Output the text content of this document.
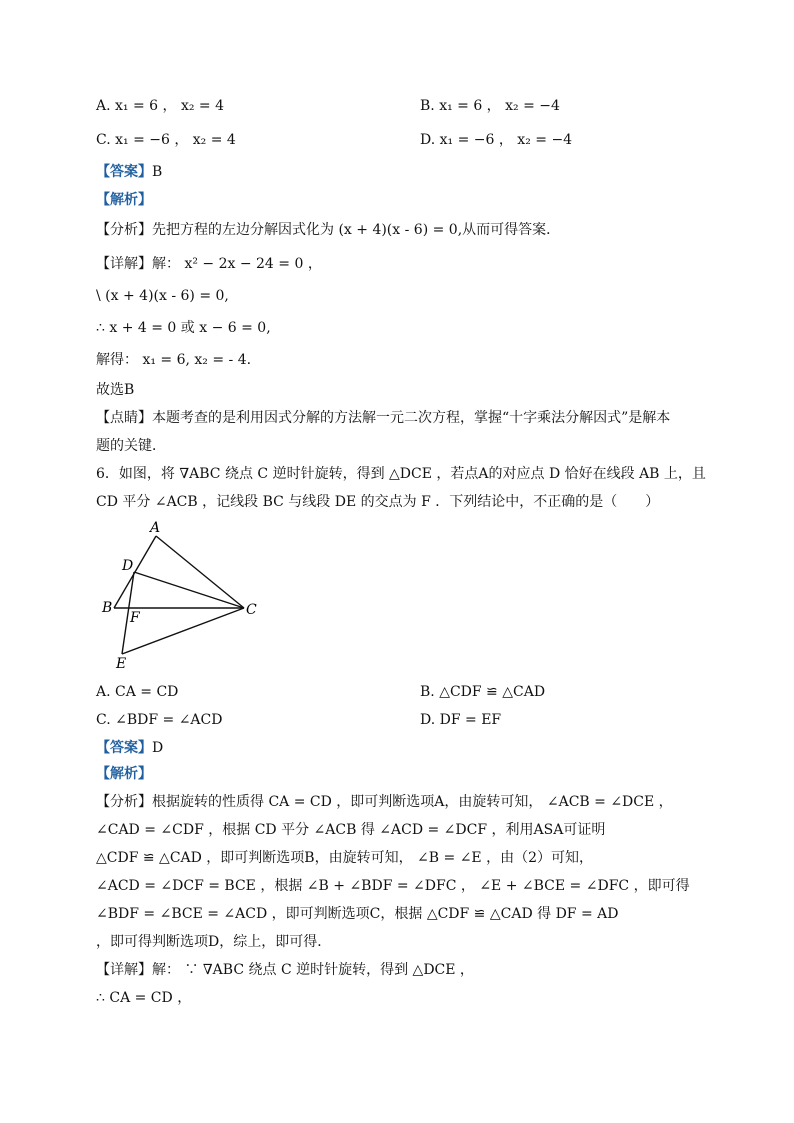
A. x₁ = 6 ， x₂ = 4	B. x₁ = 6 ， x₂ = −4
C. x₁ = −6 ， x₂ = 4	D. x₁ = −6 ， x₂ = −4
【答案】B
【解析】
【分析】先把方程的左边分解因式化为 (x + 4)(x - 6) = 0,从而可得答案．
【详解】解： x² − 2x − 24 = 0 ，
\ (x + 4)(x - 6) = 0,
∴ x + 4 = 0 或 x − 6 = 0,
解得： x₁ = 6, x₂ = - 4.
故选B
【点睛】本题考查的是利用因式分解的方法解一元二次方程，掌握“十字乘法分解因式”是解本
题的关键．
6．如图，将 ∇ABC 绕点 C 逆时针旋转，得到 △DCE ，若点A的对应点 D 恰好在线段 AB 上，且
CD 平分 ∠ACB ，记线段 BC 与线段 DE 的交点为 F ．下列结论中，不正确的是（　　）
A
D
B
F	C
E
A. CA = CD	B. △CDF ≌ △CAD
C. ∠BDF = ∠ACD	D. DF = EF
【答案】D
【解析】
【分析】根据旋转的性质得 CA = CD ，即可判断选项A，由旋转可知， ∠ACB = ∠DCE ，
∠CAD = ∠CDF ，根据 CD 平分 ∠ACB 得 ∠ACD = ∠DCF ，利用ASA可证明
△CDF ≌ △CAD ，即可判断选项B，由旋转可知， ∠B = ∠E ，由（2）可知，
∠ACD = ∠DCF = BCE ，根据 ∠B + ∠BDF = ∠DFC ， ∠E + ∠BCE = ∠DFC ，即可得
∠BDF = ∠BCE = ∠ACD ，即可判断选项C，根据 △CDF ≌ △CAD 得 DF = AD
，即可得判断选项D，综上，即可得．
【详解】解： ∵ ∇ABC 绕点 C 逆时针旋转，得到 △DCE ，
∴ CA = CD ，
